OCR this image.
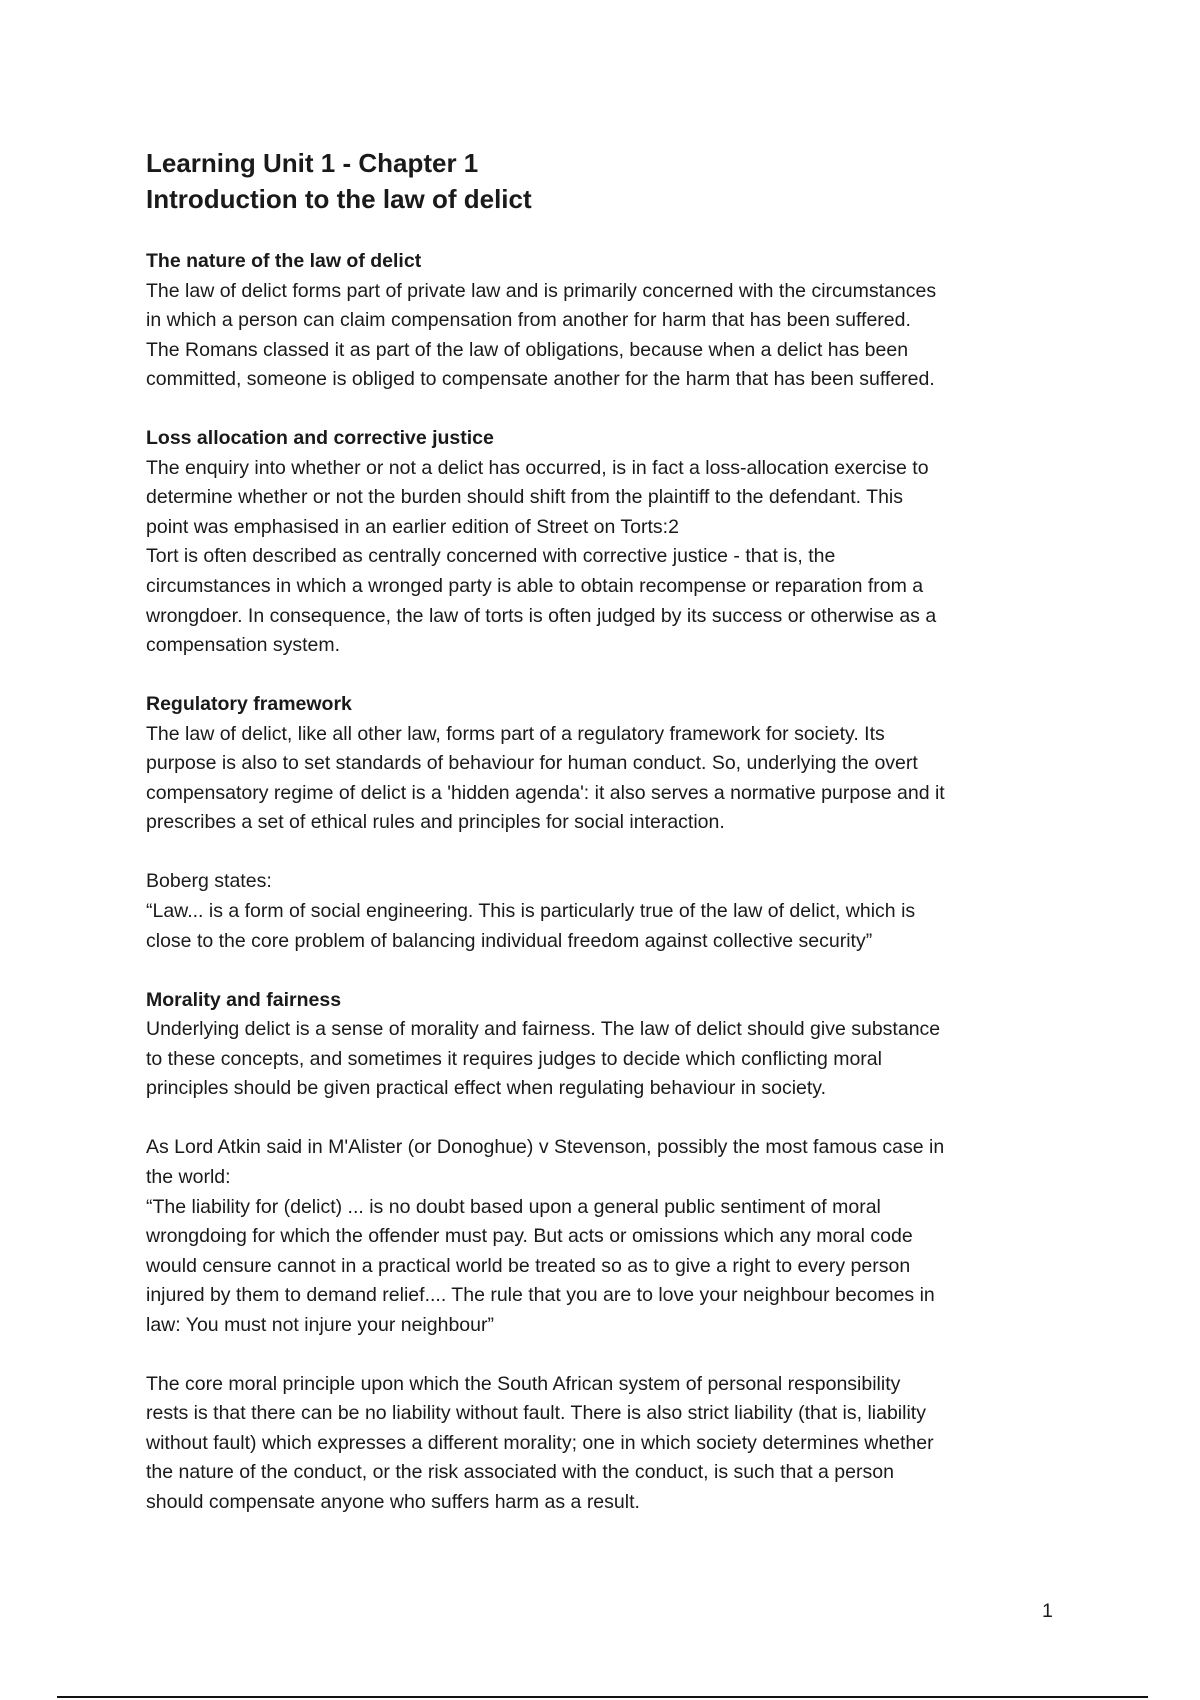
Learning Unit 1 - Chapter 1
Introduction to the law of delict
The nature of the law of delict
The law of delict forms part of private law and is primarily concerned with the circumstances
in which a person can claim compensation from another for harm that has been suffered.
The Romans classed it as part of the law of obligations, because when a delict has been
committed, someone is obliged to compensate another for the harm that has been suffered.
Loss allocation and corrective justice
The enquiry into whether or not a delict has occurred, is in fact a loss-allocation exercise to
determine whether or not the burden should shift from the plaintiff to the defendant. This
point was emphasised in an earlier edition of Street on Torts:2
Tort is often described as centrally concerned with corrective justice - that is, the
circumstances in which a wronged party is able to obtain recompense or reparation from a
wrongdoer. In consequence, the law of torts is often judged by its success or otherwise as a
compensation system.
Regulatory framework
The law of delict, like all other law, forms part of a regulatory framework for society. Its
purpose is also to set standards of behaviour for human conduct. So, underlying the overt
compensatory regime of delict is a 'hidden agenda': it also serves a normative purpose and it
prescribes a set of ethical rules and principles for social interaction.
Boberg states:
“Law... is a form of social engineering. This is particularly true of the law of delict, which is
close to the core problem of balancing individual freedom against collective security”
Morality and fairness
Underlying delict is a sense of morality and fairness. The law of delict should give substance
to these concepts, and sometimes it requires judges to decide which conflicting moral
principles should be given practical effect when regulating behaviour in society.
As Lord Atkin said in M'Alister (or Donoghue) v Stevenson, possibly the most famous case in
the world:
“The liability for (delict) ... is no doubt based upon a general public sentiment of moral
wrongdoing for which the offender must pay. But acts or omissions which any moral code
would censure cannot in a practical world be treated so as to give a right to every person
injured by them to demand relief.... The rule that you are to love your neighbour becomes in
law: You must not injure your neighbour”
The core moral principle upon which the South African system of personal responsibility
rests is that there can be no liability without fault. There is also strict liability (that is, liability
without fault) which expresses a different morality; one in which society determines whether
the nature of the conduct, or the risk associated with the conduct, is such that a person
should compensate anyone who suffers harm as a result.
1
